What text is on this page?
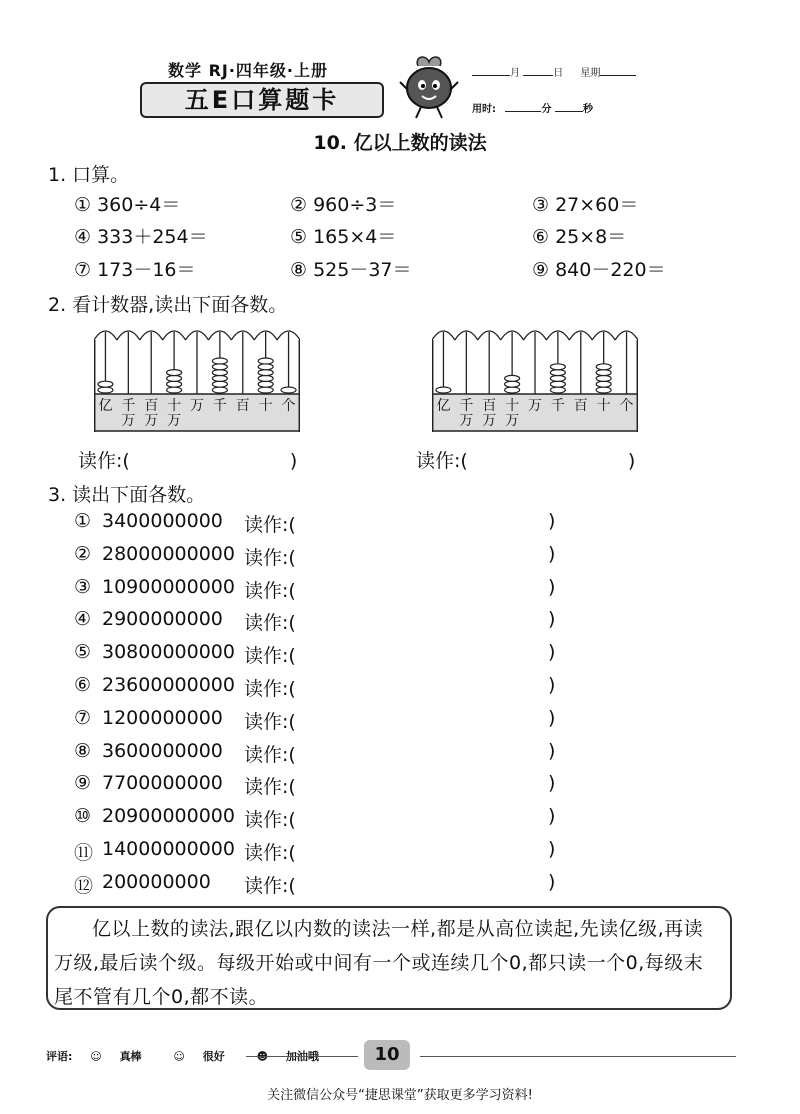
数学 RJ·四年级·上册
五E口算题卡
月	日 星期
用时:	分	秒
10. 亿以上数的读法
1. 口算。
① 360÷4＝	② 960÷3＝	③ 27×60＝
④ 333＋254＝	⑤ 165×4＝	⑥ 25×8＝
⑦ 173－16＝	⑧ 525－37＝	⑨ 840－220＝
2. 看计数器,读出下面各数。
亿 千
万
百
万
十
万
万 千 百 十 个	亿 千
万
百
万
十
万
万 千 百 十 个
读作:(	)	读作:(	)
3. 读出下面各数。
① 3400000000 读作:(	)
② 28000000000 读作:(	)
③ 10900000000 读作:(	)
④ 2900000000 读作:(	)
⑤ 30800000000 读作:(	)
⑥ 23600000000 读作:(	)
⑦ 1200000000 读作:(	)
⑧ 3600000000 读作:(	)
⑨ 7700000000 读作:(	)
⑩ 20900000000 读作:(	)
⑪ 14000000000 读作:(	)
⑫ 200000000 读作:(	)

亿以上数的读法,跟亿以内数的读法一样,都是从高位读起,先读亿级,再读万级,最后读个级。每级开始或中间有一个或连续几个0,都只读一个0,每级末尾不管有几个0,都不读。

评语: ☺ 真棒	☺ 很好	☻ 加油哦	10
关注微信公众号“捷思课堂”获取更多学习资料!
